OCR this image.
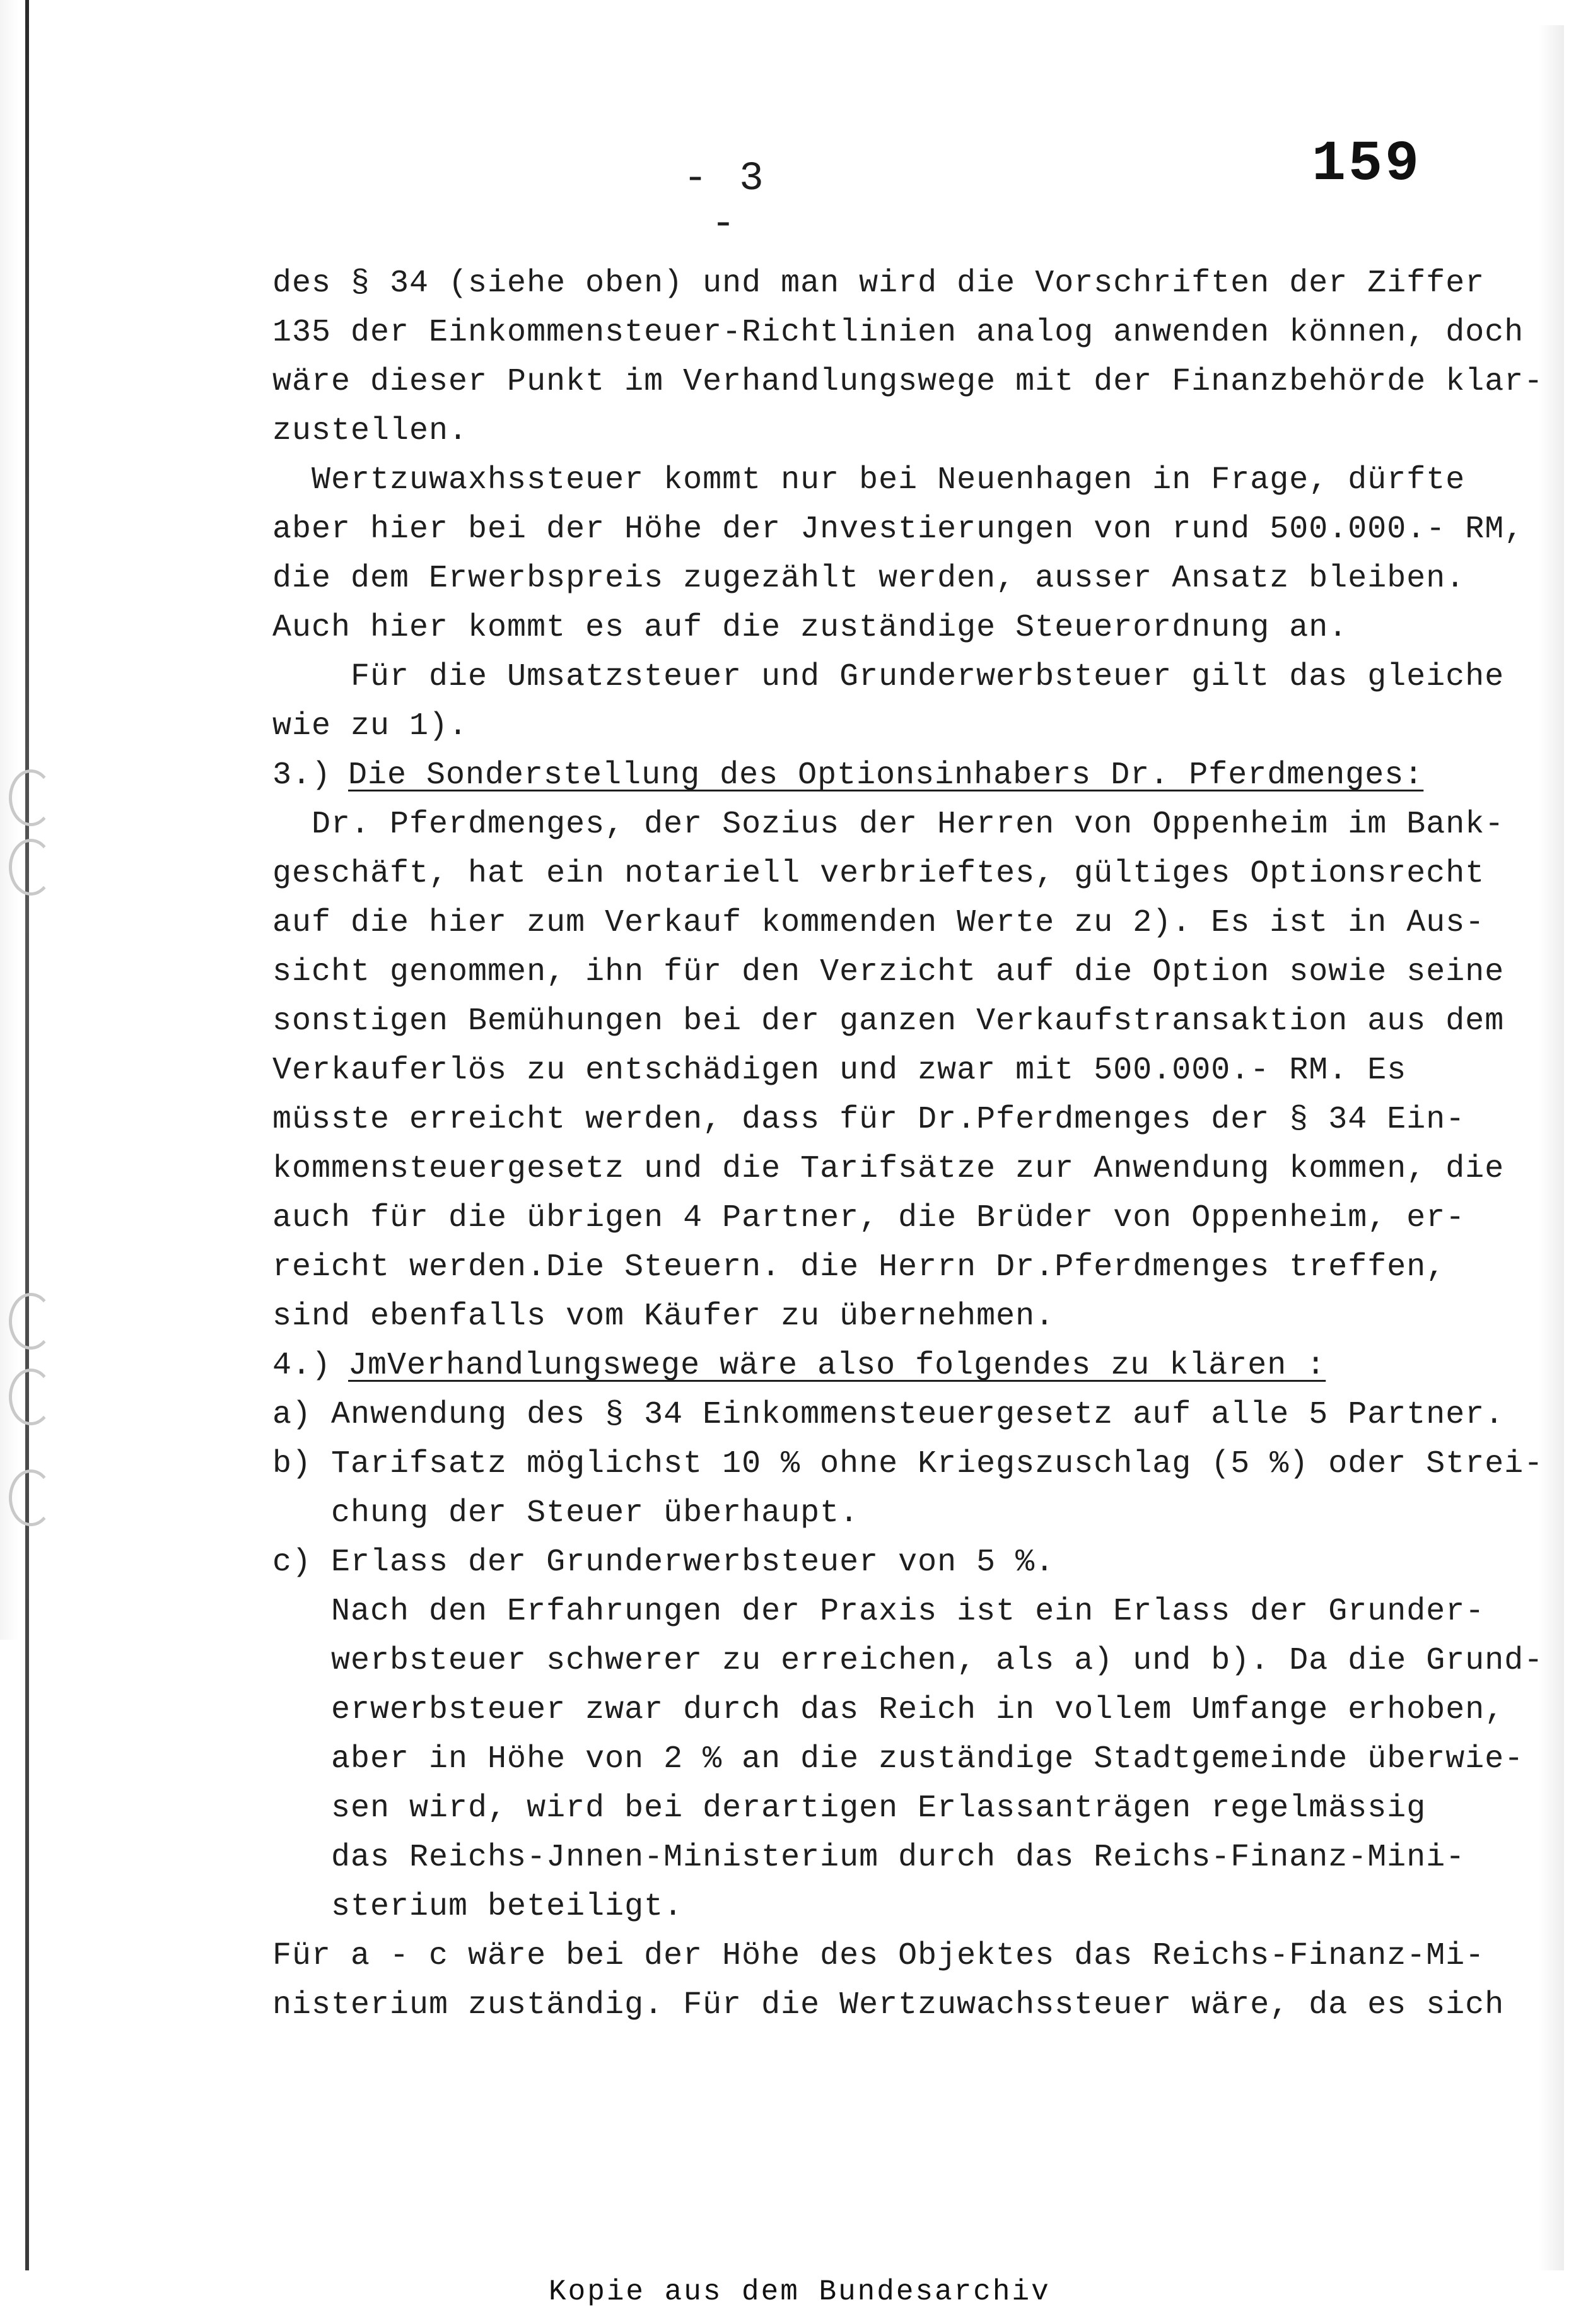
- 3 -
159
des § 34 (siehe oben) und man wird die Vorschriften der Ziffer
135 der Einkommensteuer-Richtlinien analog anwenden können, doch
wäre dieser Punkt im Verhandlungswege mit der Finanzbehörde klar-
zustellen.
Wertzuwaxhssteuer kommt nur bei Neuenhagen in Frage, dürfte
aber hier bei der Höhe der Jnvestierungen von rund 500.000.- RM,
die dem Erwerbspreis zugezählt werden, ausser Ansatz bleiben.
Auch hier kommt es auf die zuständige Steuerordnung an.
Für die Umsatzsteuer und Grunderwerbsteuer gilt das gleiche
wie zu 1).
3.)
Die Sonderstellung des Optionsinhabers Dr. Pferdmenges:
Dr. Pferdmenges, der Sozius der Herren von Oppenheim im Bank-
geschäft, hat ein notariell verbrieftes, gültiges Optionsrecht
auf die hier zum Verkauf kommenden Werte zu 2). Es ist in Aus-
sicht genommen, ihn für den Verzicht auf die Option sowie seine
sonstigen Bemühungen bei der ganzen Verkaufstransaktion aus dem
Verkauferlös zu entschädigen und zwar mit 500.000.- RM. Es
müsste erreicht werden, dass für Dr.Pferdmenges der § 34 Ein-
kommensteuergesetz und die Tarifsätze zur Anwendung kommen, die
auch für die übrigen 4 Partner, die Brüder von Oppenheim, er-
reicht werden.Die Steuern. die Herrn Dr.Pferdmenges treffen,
sind ebenfalls vom Käufer zu übernehmen.
4.)
JmVerhandlungswege wäre also folgendes zu klären :
a) Anwendung des § 34 Einkommensteuergesetz auf alle 5 Partner.
b) Tarifsatz möglichst 10 % ohne Kriegszuschlag (5 %) oder Strei-
chung der Steuer überhaupt.
c) Erlass der Grunderwerbsteuer von 5 %.
Nach den Erfahrungen der Praxis ist ein Erlass der Grunder-
werbsteuer schwerer zu erreichen, als a) und b). Da die Grund-
erwerbsteuer zwar durch das Reich in vollem Umfange erhoben,
aber in Höhe von 2 % an die zuständige Stadtgemeinde überwie-
sen wird, wird bei derartigen Erlassanträgen regelmässig
das Reichs-Jnnen-Ministerium durch das Reichs-Finanz-Mini-
sterium beteiligt.
Für a - c wäre bei der Höhe des Objektes das Reichs-Finanz-Mi-
nisterium zuständig. Für die Wertzuwachssteuer wäre, da es sich
Kopie aus dem Bundesarchiv
